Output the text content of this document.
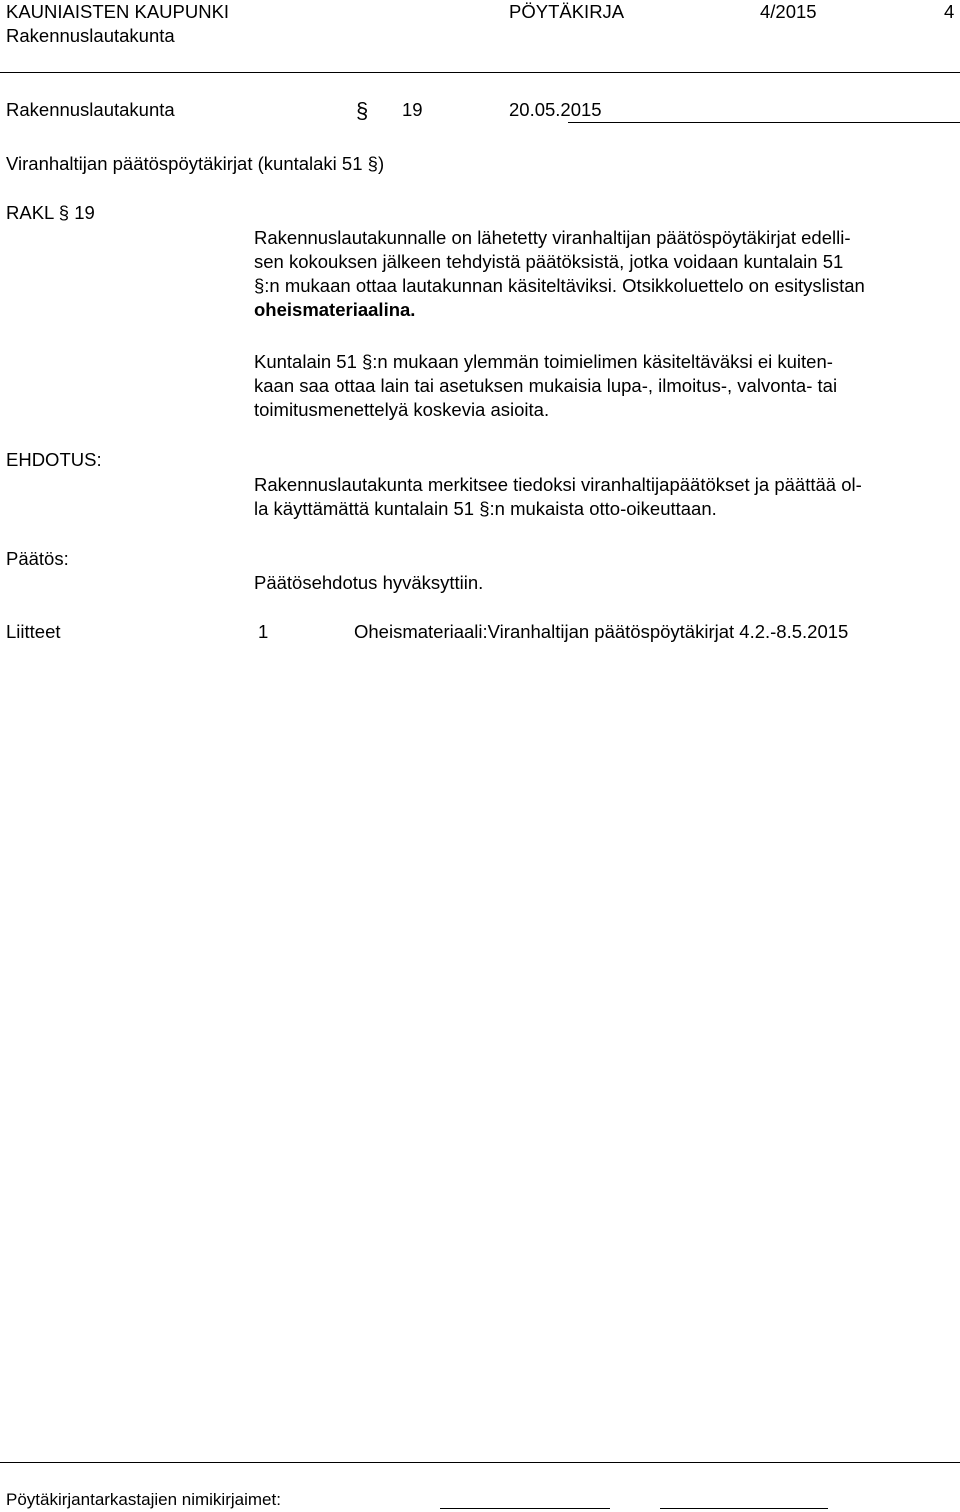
KAUNIAISTEN KAUPUNKI
Rakennuslautakunta
PÖYTÄKIRJA	4/2015	4
Rakennuslautakunta	§ 19	20.05.2015
Viranhaltijan päätöspöytäkirjat (kuntalaki 51 §)
RAKL § 19
Rakennuslautakunnalle on lähetetty viranhaltijan päätöspöytäkirjat edelli-
sen kokouksen jälkeen tehdyistä päätöksistä, jotka voidaan kuntalain 51
§:n mukaan ottaa lautakunnan käsiteltäviksi. Otsikkoluettelo on esityslistan
oheismateriaalina.
Kuntalain 51 §:n mukaan ylemmän toimielimen käsiteltäväksi ei kuiten-
kaan saa ottaa lain tai asetuksen mukaisia lupa-, ilmoitus-, valvonta- tai
toimitusmenettelyä koskevia asioita.
EHDOTUS:
Rakennuslautakunta merkitsee tiedoksi viranhaltijapäätökset ja päättää ol-
la käyttämättä kuntalain 51 §:n mukaista otto-oikeuttaan.
Päätös:
Päätösehdotus hyväksyttiin.
Liitteet	1	Oheismateriaali:Viranhaltijan päätöspöytäkirjat 4.2.-8.5.2015
Pöytäkirjantarkastajien nimikirjaimet:
